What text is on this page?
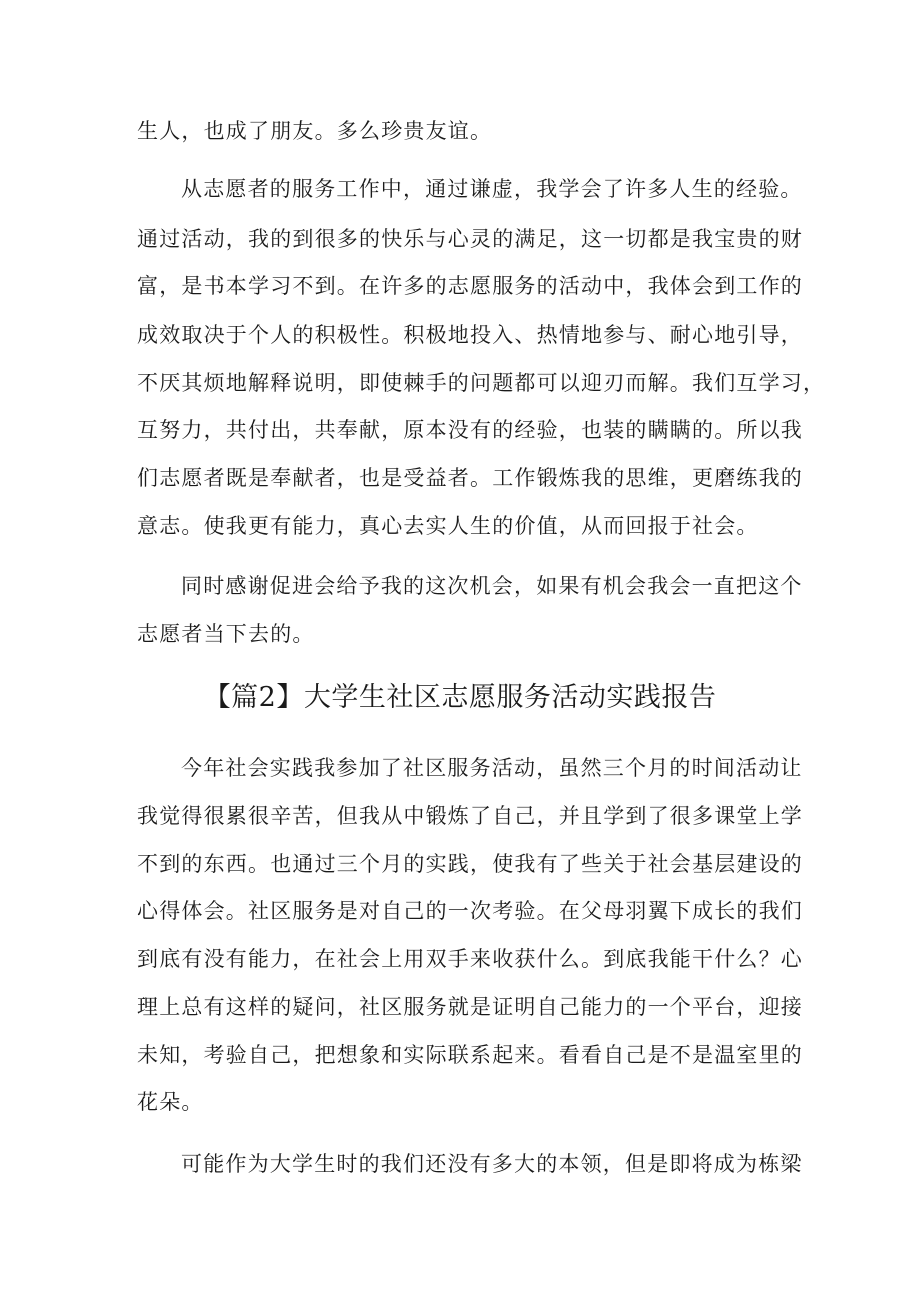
生人，也成了朋友。多么珍贵友谊。
从志愿者的服务工作中，通过谦虚，我学会了许多人生的经验。
通过活动，我的到很多的快乐与心灵的满足，这一切都是我宝贵的财
富，是书本学习不到。在许多的志愿服务的活动中，我体会到工作的
成效取决于个人的积极性。积极地投入、热情地参与、耐心地引导，
不厌其烦地解释说明，即使棘手的问题都可以迎刃而解。我们互学习，
互努力，共付出，共奉献，原本没有的经验，也装的瞒瞒的。所以我
们志愿者既是奉献者，也是受益者。工作锻炼我的思维，更磨练我的
意志。使我更有能力，真心去实人生的价值，从而回报于社会。
同时感谢促进会给予我的这次机会，如果有机会我会一直把这个
志愿者当下去的。
【篇2】大学生社区志愿服务活动实践报告
今年社会实践我参加了社区服务活动，虽然三个月的时间活动让
我觉得很累很辛苦，但我从中锻炼了自己，并且学到了很多课堂上学
不到的东西。也通过三个月的实践，使我有了些关于社会基层建设的
心得体会。社区服务是对自己的一次考验。在父母羽翼下成长的我们
到底有没有能力，在社会上用双手来收获什么。到底我能干什么？心
理上总有这样的疑问，社区服务就是证明自己能力的一个平台，迎接
未知，考验自己，把想象和实际联系起来。看看自己是不是温室里的
花朵。
可能作为大学生时的我们还没有多大的本领，但是即将成为栋梁
